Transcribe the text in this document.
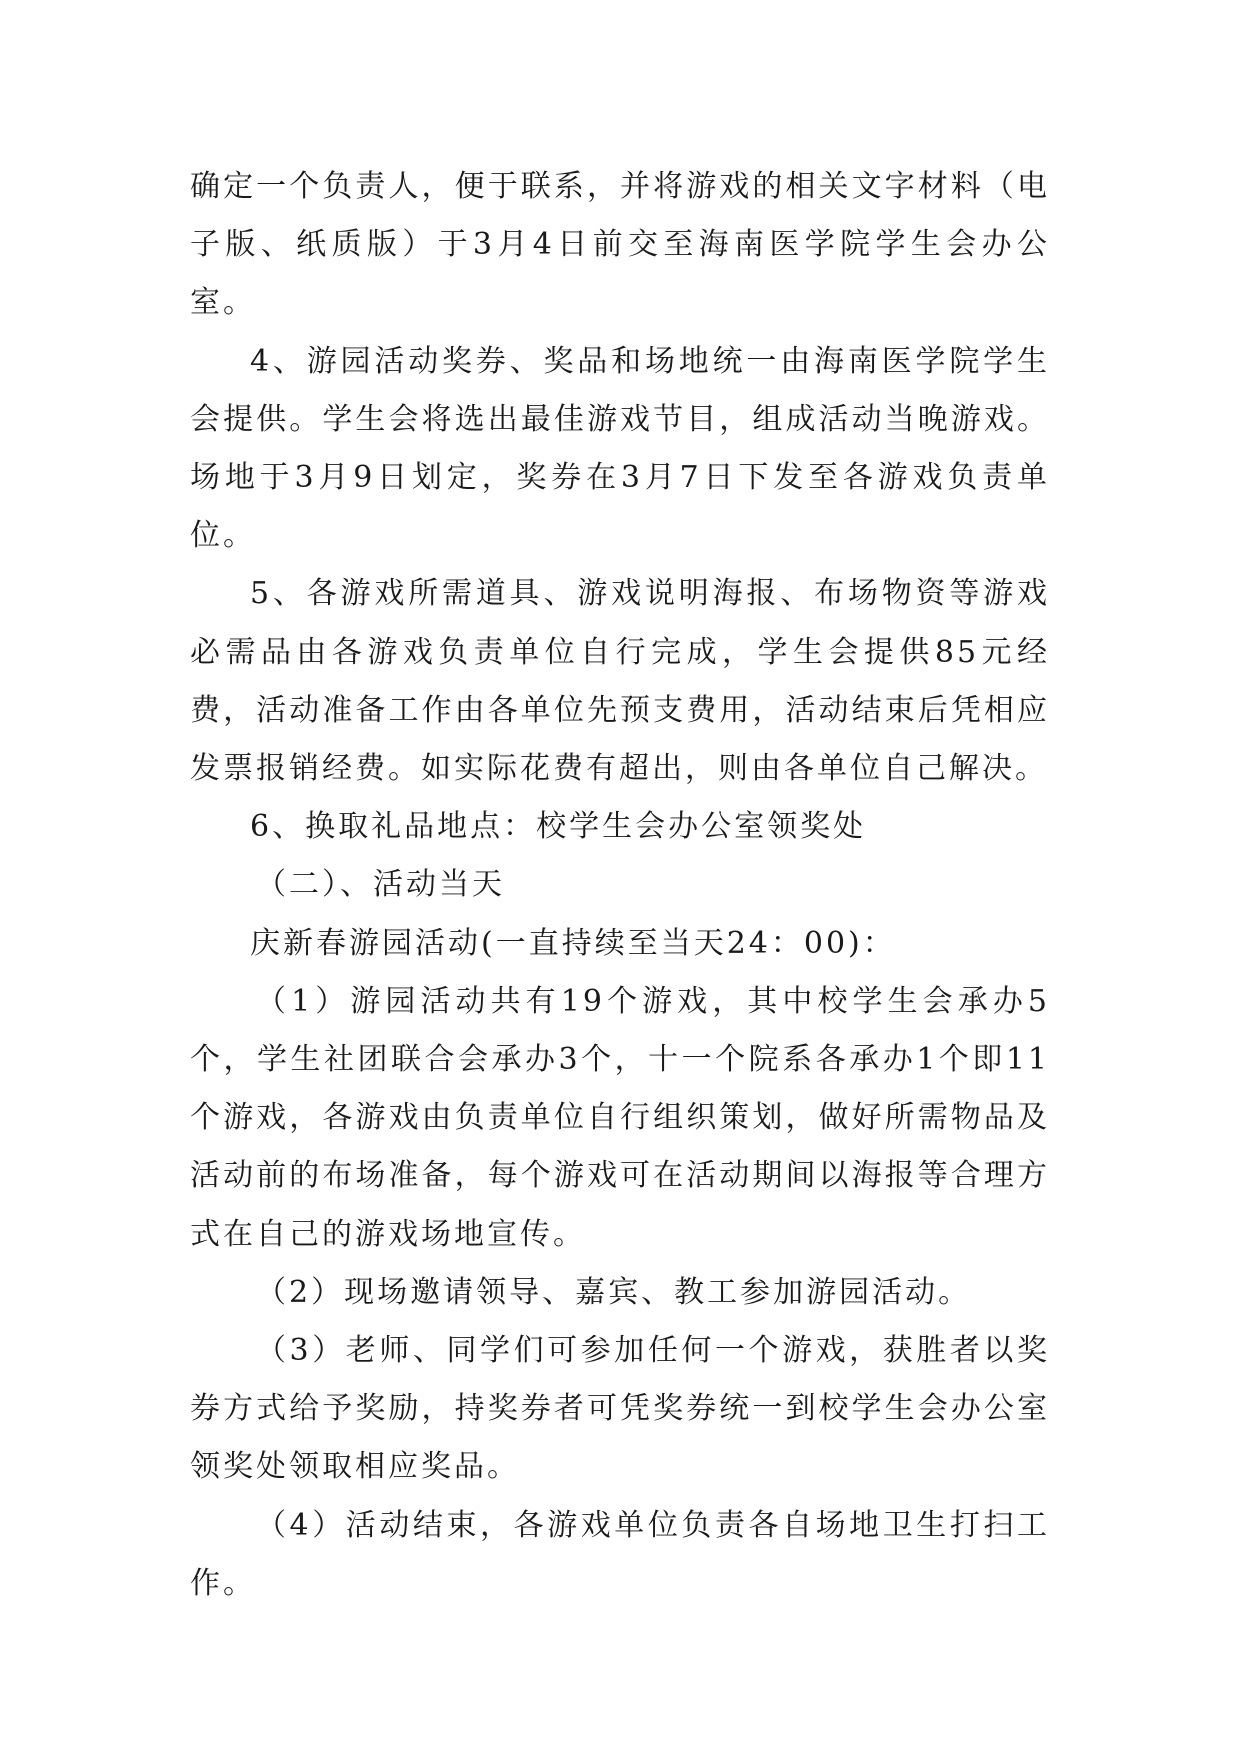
确定一个负责人，便于联系，并将游戏的相关文字材料（电子版、纸质版）于3月4日前交至海南医学院学生会办公室。

4、游园活动奖券、奖品和场地统一由海南医学院学生会提供。学生会将选出最佳游戏节目，组成活动当晚游戏。场地于3月9日划定，奖券在3月7日下发至各游戏负责单位。

5、各游戏所需道具、游戏说明海报、布场物资等游戏必需品由各游戏负责单位自行完成，学生会提供85元经费，活动准备工作由各单位先预支费用，活动结束后凭相应发票报销经费。如实际花费有超出，则由各单位自己解决。

6、换取礼品地点：校学生会办公室领奖处

（二）、活动当天

庆新春游园活动(一直持续至当天24：00)：

（1）游园活动共有19个游戏，其中校学生会承办5个，学生社团联合会承办3个，十一个院系各承办1个即11个游戏，各游戏由负责单位自行组织策划，做好所需物品及活动前的布场准备，每个游戏可在活动期间以海报等合理方式在自己的游戏场地宣传。

（2）现场邀请领导、嘉宾、教工参加游园活动。

（3）老师、同学们可参加任何一个游戏，获胜者以奖券方式给予奖励，持奖券者可凭奖券统一到校学生会办公室领奖处领取相应奖品。

（4）活动结束，各游戏单位负责各自场地卫生打扫工作。
